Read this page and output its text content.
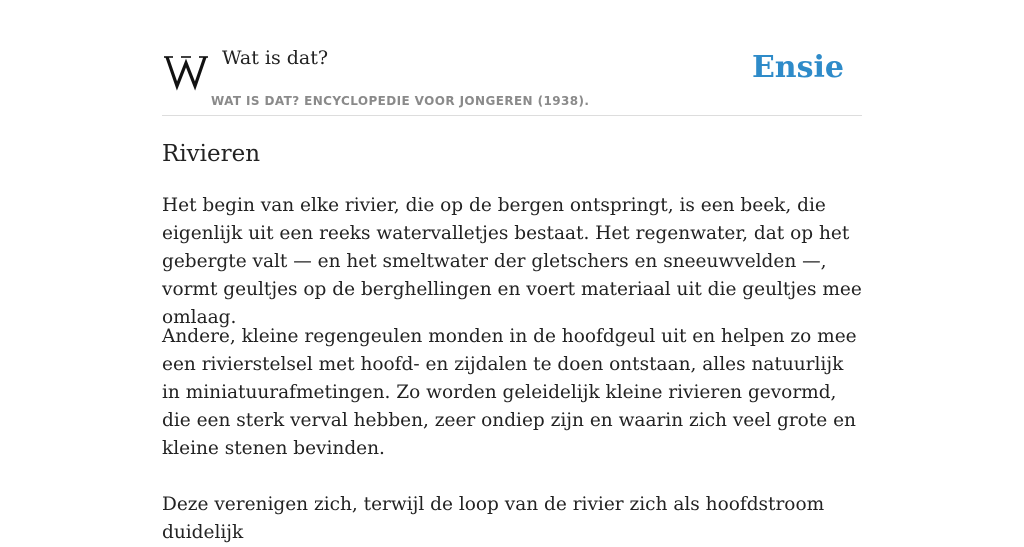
Wat is dat?
WAT IS DAT? ENCYCLOPEDIE VOOR JONGEREN (1938).
Ensie
Rivieren

Het begin van elke rivier, die op de bergen ontspringt, is een beek, die eigenlijk uit een reeks watervalletjes bestaat. Het regenwater, dat op het gebergte valt — en het smeltwater der gletschers en sneeuwvelden —, vormt geultjes op de berghellingen en voert materiaal uit die geultjes mee omlaag.

Andere, kleine regengeulen monden in de hoofdgeul uit en helpen zo mee een rivierstelsel met hoofd- en zijdalen te doen ontstaan, alles natuurlijk in miniatuurafmetingen. Zo worden geleidelijk kleine rivieren gevormd, die een sterk verval hebben, zeer ondiep zijn en waarin zich veel grote en kleine stenen bevinden.

Deze verenigen zich, terwijl de loop van de rivier zich als hoofdstroom duidelijk
